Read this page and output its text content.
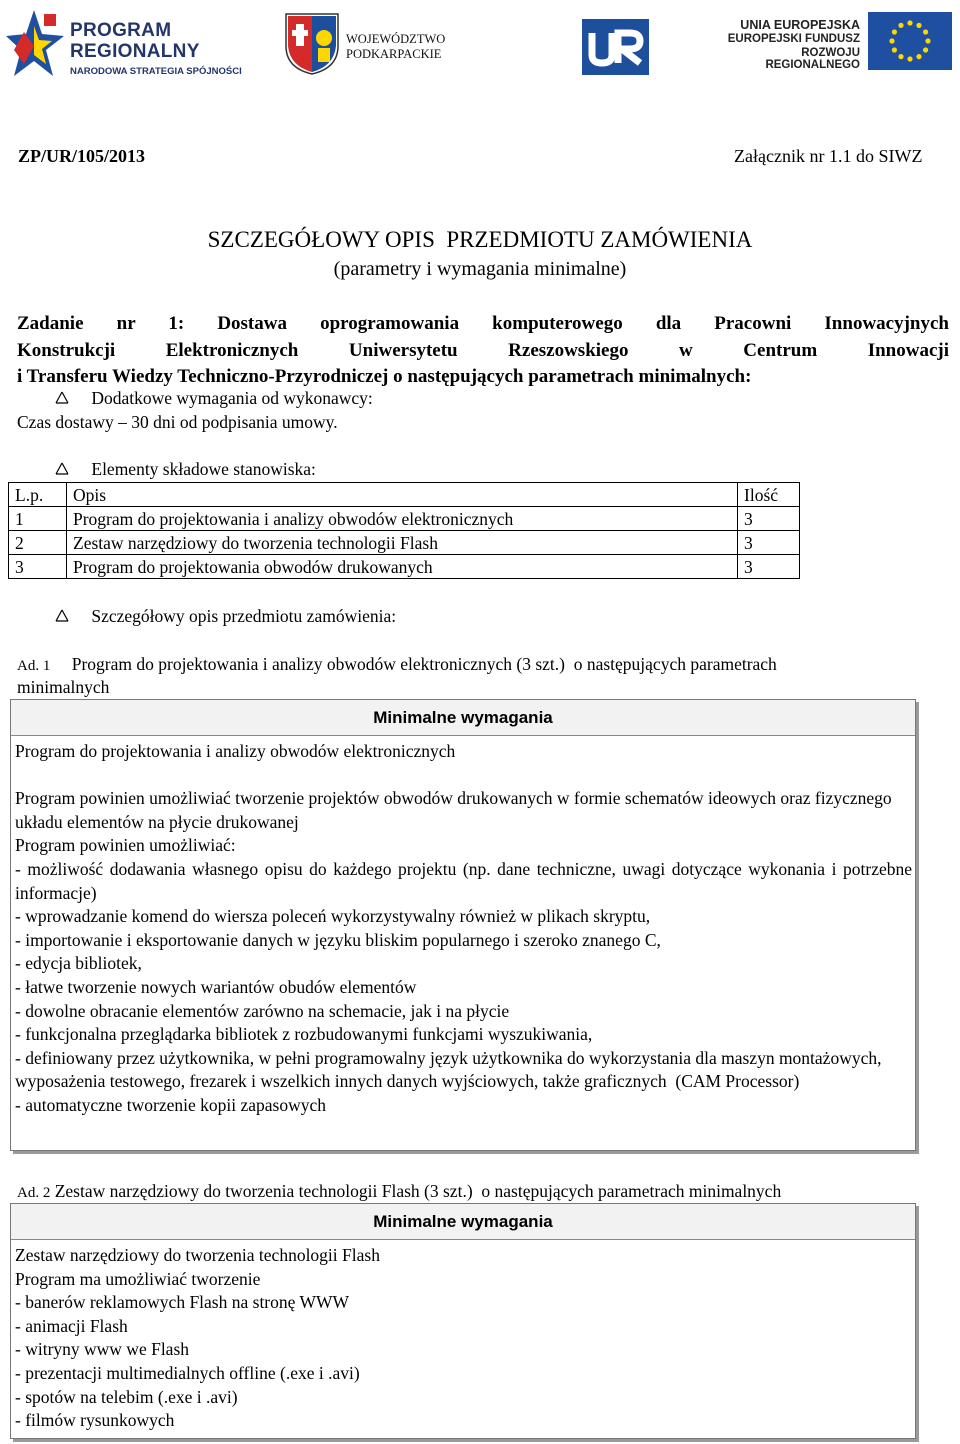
PROGRAM
REGIONALNY
NARODOWA STRATEGIA SPÓJNOŚCI
WOJEWÓDZTWO
PODKARPACKIE
UNIA EUROPEJSKA
EUROPEJSKI FUNDUSZ
ROZWOJU REGIONALNEGO
ZP/UR/105/2013	Załącznik nr 1.1 do SIWZ
SZCZEGÓŁOWY OPIS  PRZEDMIOTU ZAMÓWIENIA
(parametry i wymagania minimalne)
Zadanie nr 1: Dostawa oprogramowania komputerowego dla Pracowni Innowacyjnych
Konstrukcji Elektronicznych Uniwersytetu Rzeszowskiego w Centrum Innowacji
i Transferu Wiedzy Techniczno-Przyrodniczej o następujących parametrach minimalnych:
Dodatkowe wymagania od wykonawcy:
Czas dostawy – 30 dni od podpisania umowy.
Elementy składowe stanowiska:
L.p.	Opis	Ilość
1	Program do projektowania i analizy obwodów elektronicznych	3
2	Zestaw narzędziowy do tworzenia technologii Flash	3
3	Program do projektowania obwodów drukowanych	3
Szczegółowy opis przedmiotu zamówienia:
Ad. 1 Program do projektowania i analizy obwodów elektronicznych (3 szt.)  o następujących parametrach
minimalnych
Minimalne wymagania
Program do projektowania i analizy obwodów elektronicznych
Program powinien umożliwiać tworzenie projektów obwodów drukowanych w formie schematów ideowych oraz fizycznego układu elementów na płycie drukowanej
Program powinien umożliwiać:
- możliwość dodawania własnego opisu do każdego projektu (np. dane techniczne, uwagi dotyczące wykonania i potrzebne informacje)
- wprowadzanie komend do wiersza poleceń wykorzystywalny również w plikach skryptu,
- importowanie i eksportowanie danych w języku bliskim popularnego i szeroko znanego C,
- edycja bibliotek,
- łatwe tworzenie nowych wariantów obudów elementów
- dowolne obracanie elementów zarówno na schemacie, jak i na płycie
- funkcjonalna przeglądarka bibliotek z rozbudowanymi funkcjami wyszukiwania,
- definiowany przez użytkownika, w pełni programowalny język użytkownika do wykorzystania dla maszyn montażowych, wyposażenia testowego, frezarek i wszelkich innych danych wyjściowych, także graficznych  (CAM Processor)
- automatyczne tworzenie kopii zapasowych
Ad. 2 Zestaw narzędziowy do tworzenia technologii Flash (3 szt.)  o następujących parametrach minimalnych
Minimalne wymagania
Zestaw narzędziowy do tworzenia technologii Flash
Program ma umożliwiać tworzenie
- banerów reklamowych Flash na stronę WWW
- animacji Flash
- witryny www we Flash
- prezentacji multimedialnych offline (.exe i .avi)
- spotów na telebim (.exe i .avi)
- filmów rysunkowych
